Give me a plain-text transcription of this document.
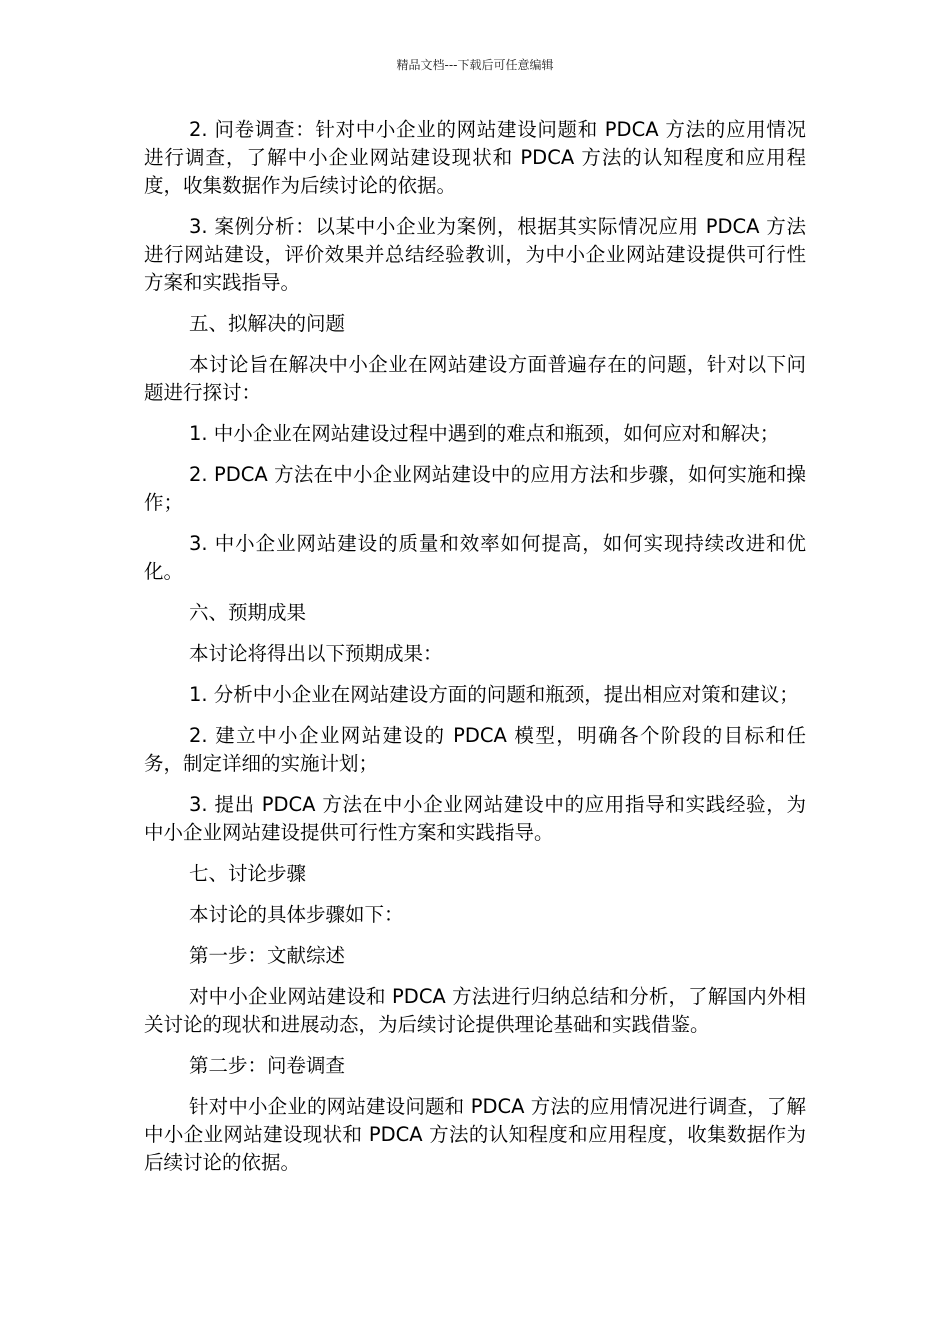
精品文档---下载后可任意编辑

2. 问卷调查：针对中小企业的网站建设问题和 PDCA 方法的应用情况进行调查，了解中小企业网站建设现状和 PDCA 方法的认知程度和应用程度，收集数据作为后续讨论的依据。

3. 案例分析：以某中小企业为案例，根据其实际情况应用 PDCA 方法进行网站建设，评价效果并总结经验教训，为中小企业网站建设提供可行性方案和实践指导。

五、拟解决的问题

本讨论旨在解决中小企业在网站建设方面普遍存在的问题，针对以下问题进行探讨：

1. 中小企业在网站建设过程中遇到的难点和瓶颈，如何应对和解决；

2. PDCA 方法在中小企业网站建设中的应用方法和步骤，如何实施和操作；

3. 中小企业网站建设的质量和效率如何提高，如何实现持续改进和优化。

六、预期成果

本讨论将得出以下预期成果：

1. 分析中小企业在网站建设方面的问题和瓶颈，提出相应对策和建议；

2. 建立中小企业网站建设的 PDCA 模型，明确各个阶段的目标和任务，制定详细的实施计划；

3. 提出 PDCA 方法在中小企业网站建设中的应用指导和实践经验，为中小企业网站建设提供可行性方案和实践指导。

七、讨论步骤

本讨论的具体步骤如下：

第一步：文献综述

对中小企业网站建设和 PDCA 方法进行归纳总结和分析，了解国内外相关讨论的现状和进展动态，为后续讨论提供理论基础和实践借鉴。

第二步：问卷调查

针对中小企业的网站建设问题和 PDCA 方法的应用情况进行调查，了解中小企业网站建设现状和 PDCA 方法的认知程度和应用程度，收集数据作为后续讨论的依据。
